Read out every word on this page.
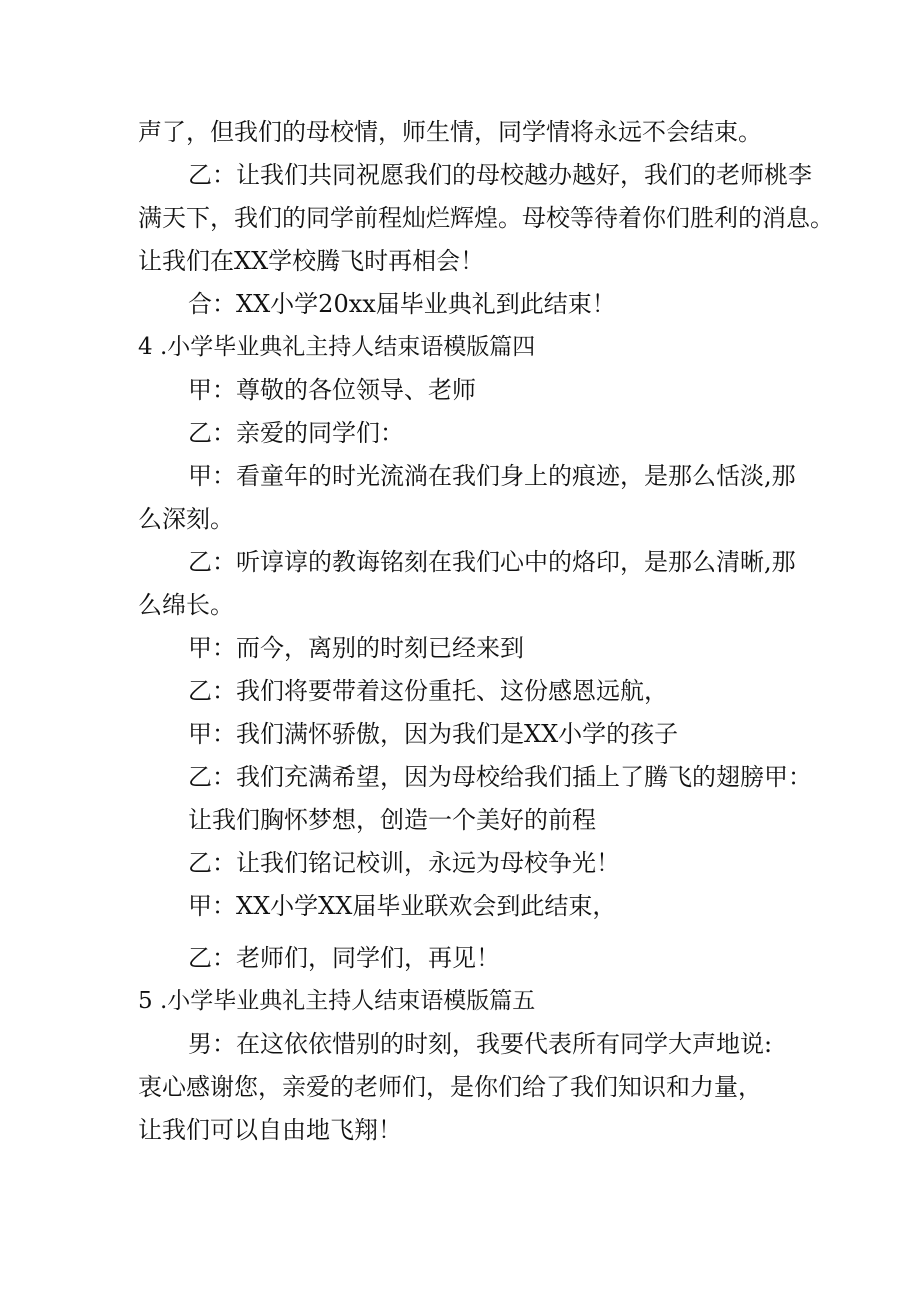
声了，但我们的母校情，师生情，同学情将永远不会结束。
乙：让我们共同祝愿我们的母校越办越好，我们的老师桃李
满天下，我们的同学前程灿烂辉煌。母校等待着你们胜利的消息。
让我们在XX学校腾飞时再相会！
合：XX小学20xx届毕业典礼到此结束！
4 .小学毕业典礼主持人结束语模版篇四
甲：尊敬的各位领导、老师
乙：亲爱的同学们：
甲：看童年的时光流淌在我们身上的痕迹，是那么恬淡,那
么深刻。
乙：听谆谆的教诲铭刻在我们心中的烙印，是那么清晰,那
么绵长。
甲：而今，离别的时刻已经来到
乙：我们将要带着这份重托、这份感恩远航，
甲：我们满怀骄傲，因为我们是XX小学的孩子
乙：我们充满希望，因为母校给我们插上了腾飞的翅膀甲：
让我们胸怀梦想，创造一个美好的前程
乙：让我们铭记校训，永远为母校争光！
甲：XX小学XX届毕业联欢会到此结束，
乙：老师们，同学们，再见！
5 .小学毕业典礼主持人结束语模版篇五
男：在这依依惜别的时刻，我要代表所有同学大声地说:
衷心感谢您，亲爱的老师们，是你们给了我们知识和力量，
让我们可以自由地飞翔！
